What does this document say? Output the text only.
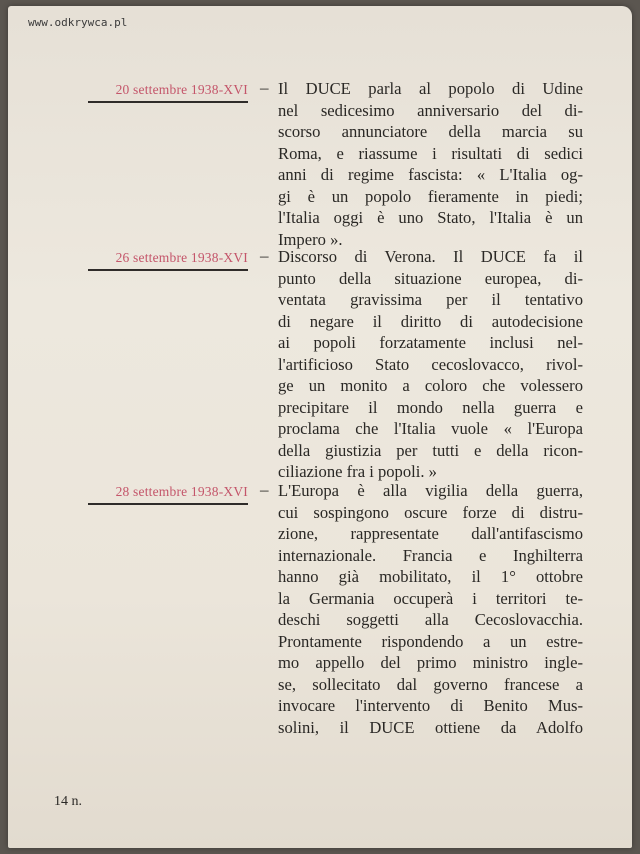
www.odkrywca.pl
20 settembre 1938-XVI – Il DUCE parla al popolo di Udine
nel sedicesimo anniversario del di-
scorso annunciatore della marcia su
Roma, e riassume i risultati di sedici
anni di regime fascista: « L'Italia og-
gi è un popolo fieramente in piedi;
l'Italia oggi è uno Stato, l'Italia è un
Impero ».
26 settembre 1938-XVI – Discorso di Verona. Il DUCE fa il
punto della situazione europea, di-
ventata gravissima per il tentativo
di negare il diritto di autodecisione
ai popoli forzatamente inclusi nel-
l'artificioso Stato cecoslovacco, rivol-
ge un monito a coloro che volessero
precipitare il mondo nella guerra e
proclama che l'Italia vuole « l'Europa
della giustizia per tutti e della ricon-
ciliazione fra i popoli. »
28 settembre 1938-XVI – L'Europa è alla vigilia della guerra,
cui sospingono oscure forze di distru-
zione, rappresentate dall'antifascismo
internazionale. Francia e Inghilterra
hanno già mobilitato, il 1° ottobre
la Germania occuperà i territori te-
deschi soggetti alla Cecoslovacchia.
Prontamente rispondendo a un estre-
mo appello del primo ministro ingle-
se, sollecitato dal governo francese a
invocare l'intervento di Benito Mus-
solini, il DUCE ottiene da Adolfo
14 n.
